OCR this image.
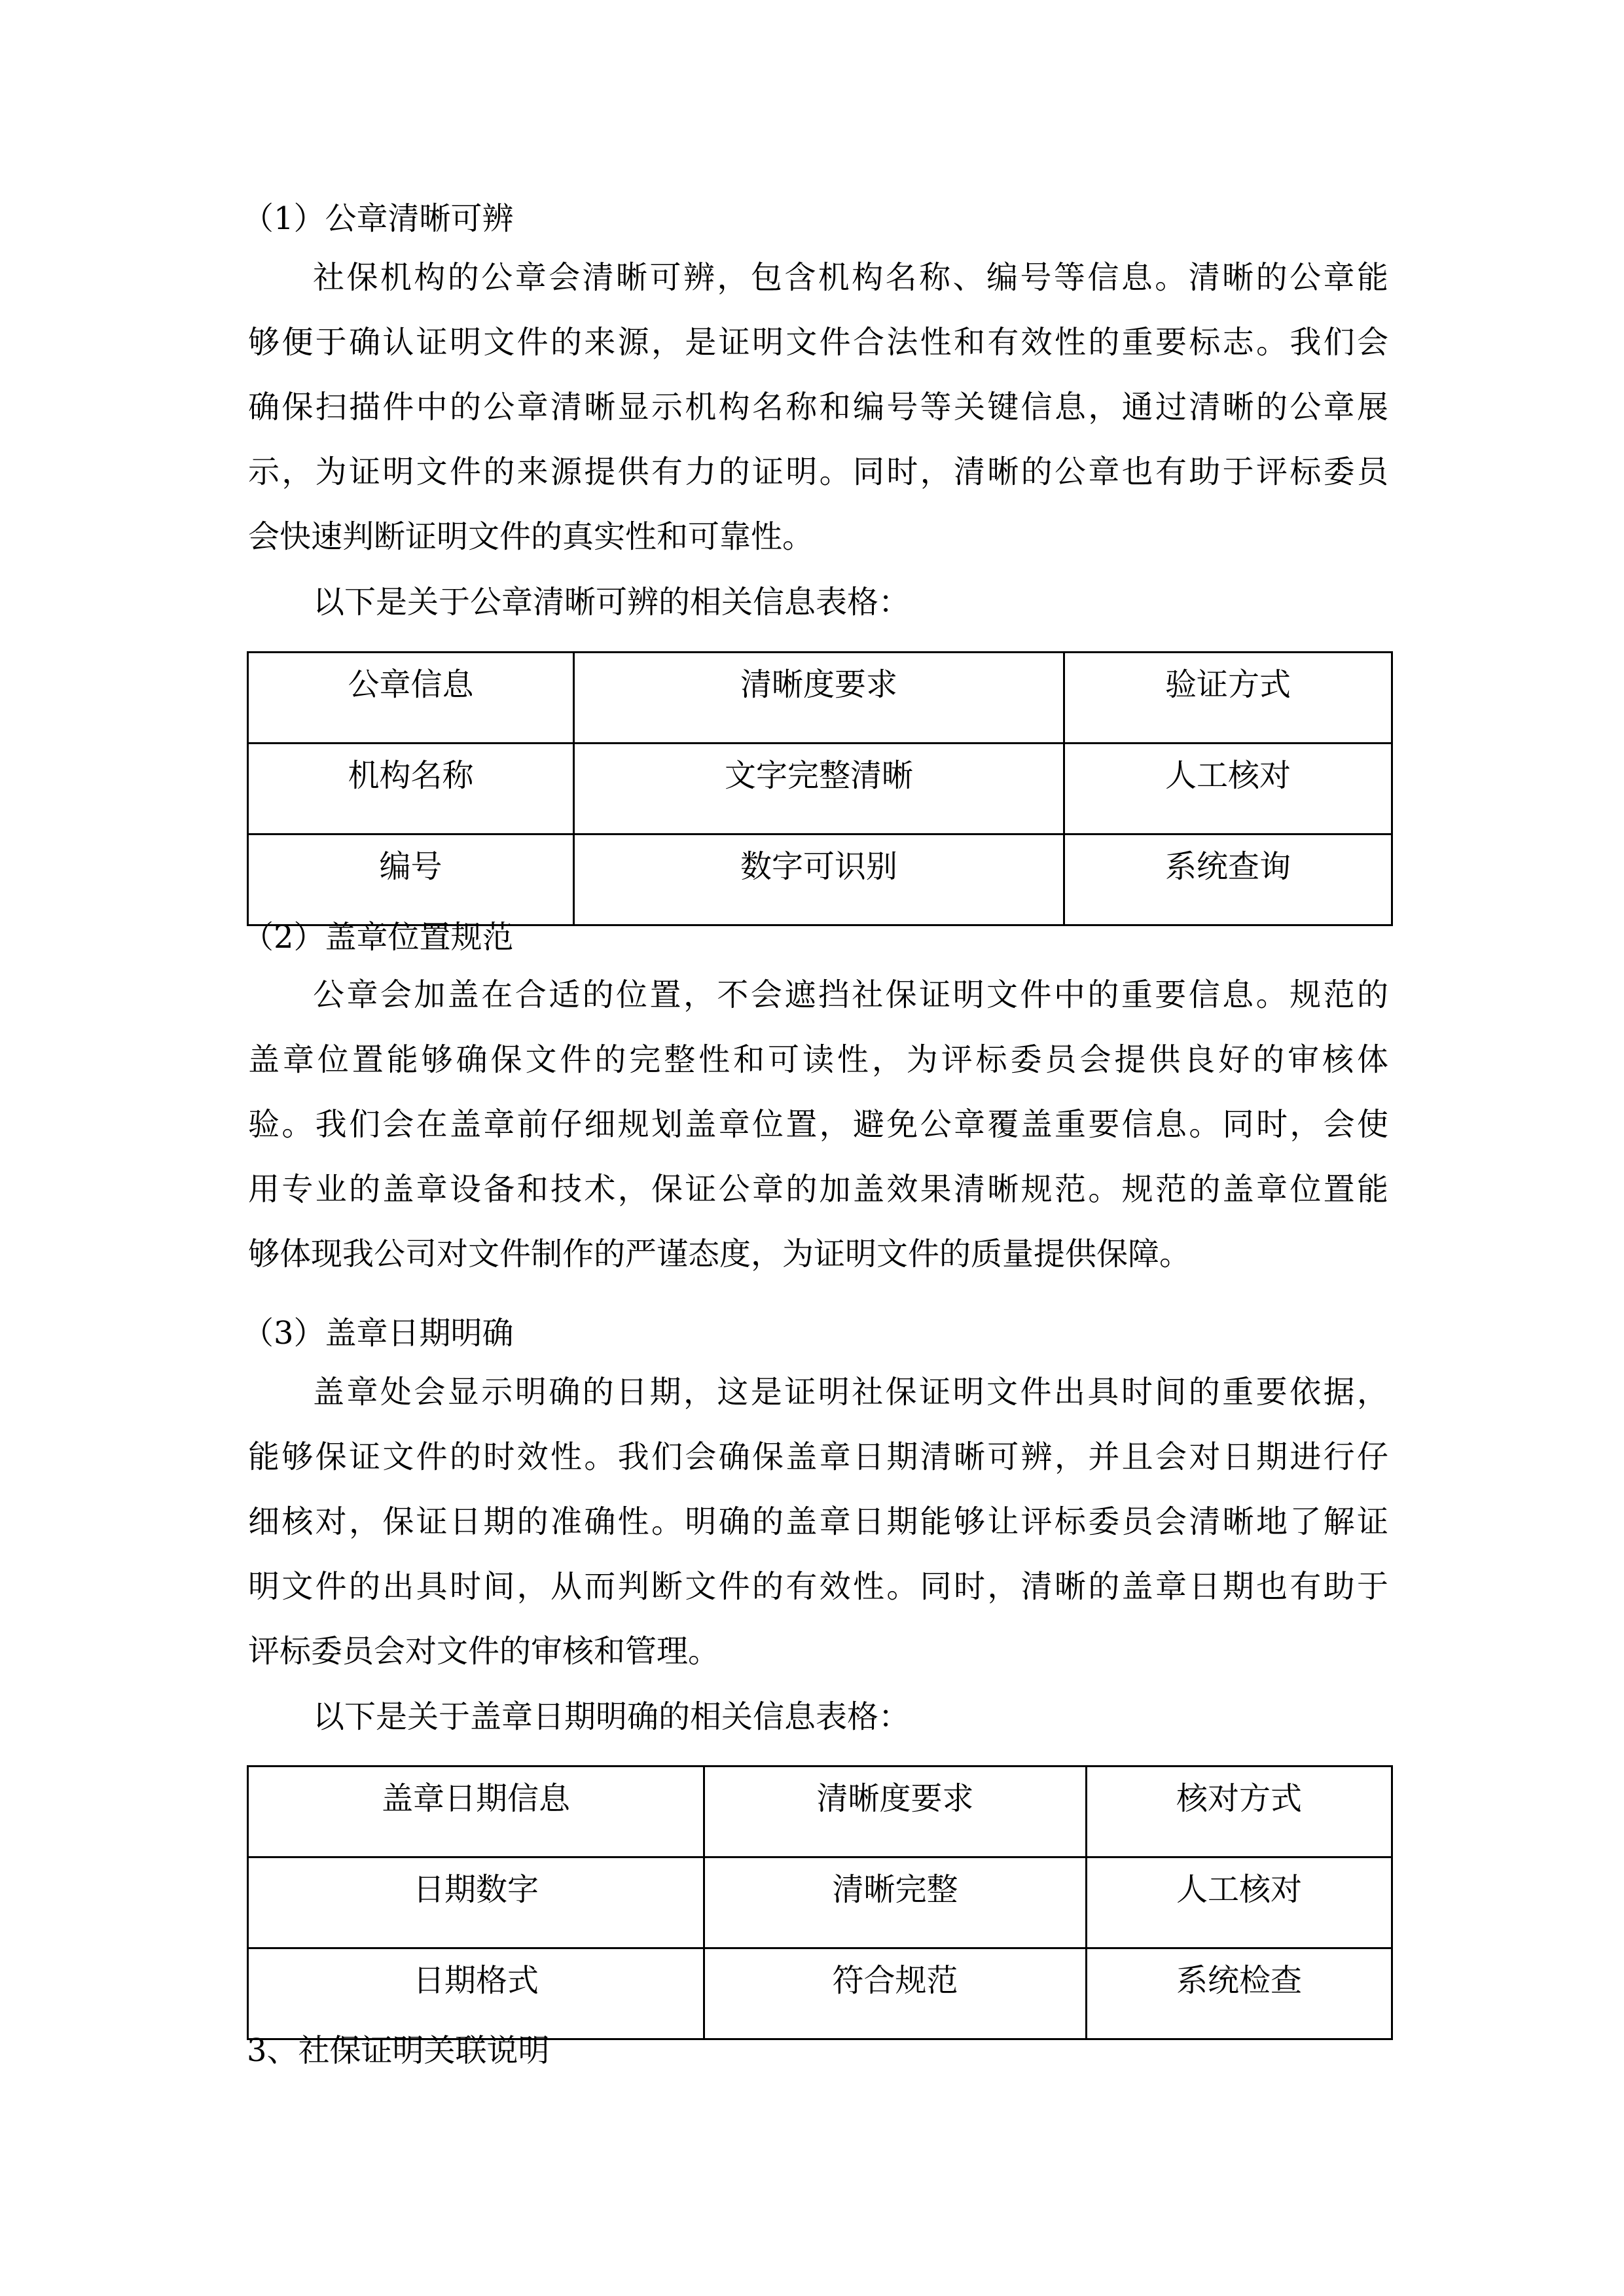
（1）公章清晰可辨
社保机构的公章会清晰可辨，包含机构名称、编号等信息。清晰的公章能
够便于确认证明文件的来源，是证明文件合法性和有效性的重要标志。我们会
确保扫描件中的公章清晰显示机构名称和编号等关键信息，通过清晰的公章展
示，为证明文件的来源提供有力的证明。同时，清晰的公章也有助于评标委员
会快速判断证明文件的真实性和可靠性。
以下是关于公章清晰可辨的相关信息表格：
公章信息	清晰度要求	验证方式
机构名称	文字完整清晰	人工核对
编号	数字可识别	系统查询
（2）盖章位置规范
公章会加盖在合适的位置，不会遮挡社保证明文件中的重要信息。规范的
盖章位置能够确保文件的完整性和可读性，为评标委员会提供良好的审核体
验。我们会在盖章前仔细规划盖章位置，避免公章覆盖重要信息。同时，会使
用专业的盖章设备和技术，保证公章的加盖效果清晰规范。规范的盖章位置能
够体现我公司对文件制作的严谨态度，为证明文件的质量提供保障。
（3）盖章日期明确
盖章处会显示明确的日期，这是证明社保证明文件出具时间的重要依据，
能够保证文件的时效性。我们会确保盖章日期清晰可辨，并且会对日期进行仔
细核对，保证日期的准确性。明确的盖章日期能够让评标委员会清晰地了解证
明文件的出具时间，从而判断文件的有效性。同时，清晰的盖章日期也有助于
评标委员会对文件的审核和管理。
以下是关于盖章日期明确的相关信息表格：
盖章日期信息	清晰度要求	核对方式
日期数字	清晰完整	人工核对
日期格式	符合规范	系统检查
3、社保证明关联说明
